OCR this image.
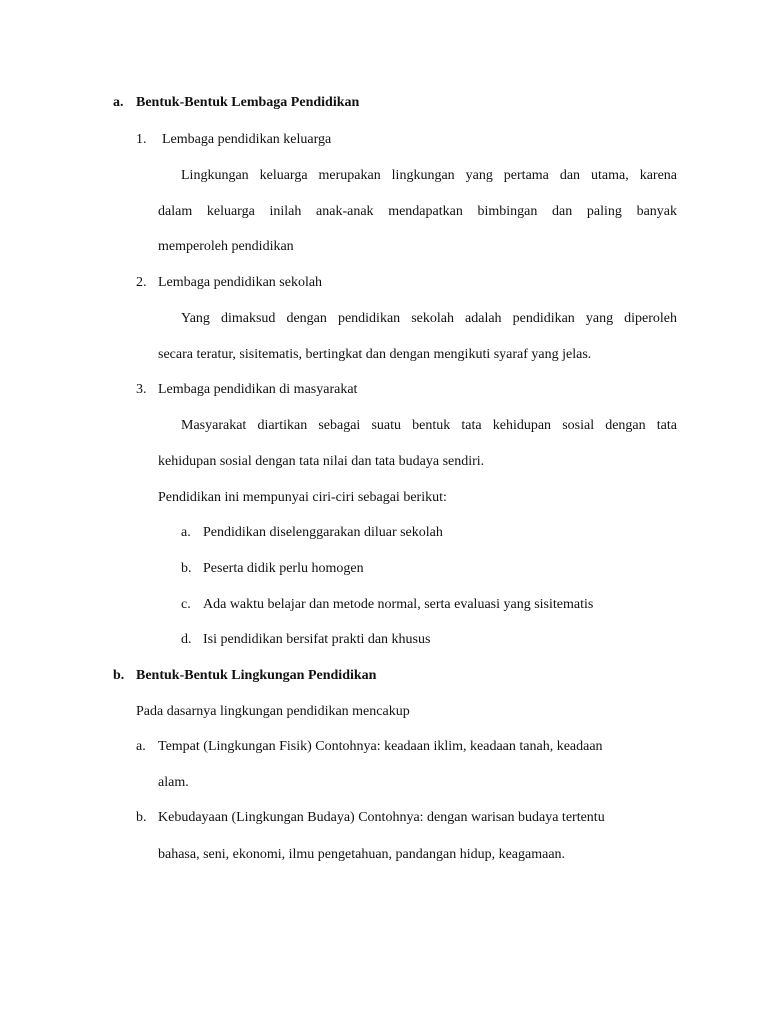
a. Bentuk-Bentuk Lembaga Pendidikan
1. Lembaga pendidikan keluarga
Lingkungan keluarga merupakan lingkungan yang pertama dan utama, karena
dalam keluarga inilah anak-anak mendapatkan bimbingan dan paling banyak
memperoleh pendidikan
2. Lembaga pendidikan sekolah
Yang dimaksud dengan pendidikan sekolah adalah pendidikan yang diperoleh
secara teratur, sisitematis, bertingkat dan dengan mengikuti syaraf yang jelas.
3. Lembaga pendidikan di masyarakat
Masyarakat diartikan sebagai suatu bentuk tata kehidupan sosial dengan tata
kehidupan sosial dengan tata nilai dan tata budaya sendiri.
Pendidikan ini mempunyai ciri-ciri sebagai berikut:
a. Pendidikan diselenggarakan diluar sekolah
b. Peserta didik perlu homogen
c. Ada waktu belajar dan metode normal, serta evaluasi yang sisitematis
d. Isi pendidikan bersifat prakti dan khusus
b. Bentuk-Bentuk Lingkungan Pendidikan
Pada dasarnya lingkungan pendidikan mencakup
a. Tempat (Lingkungan Fisik) Contohnya: keadaan iklim, keadaan tanah, keadaan
alam.
b. Kebudayaan (Lingkungan Budaya) Contohnya: dengan warisan budaya tertentu
bahasa, seni, ekonomi, ilmu pengetahuan, pandangan hidup, keagamaan.
